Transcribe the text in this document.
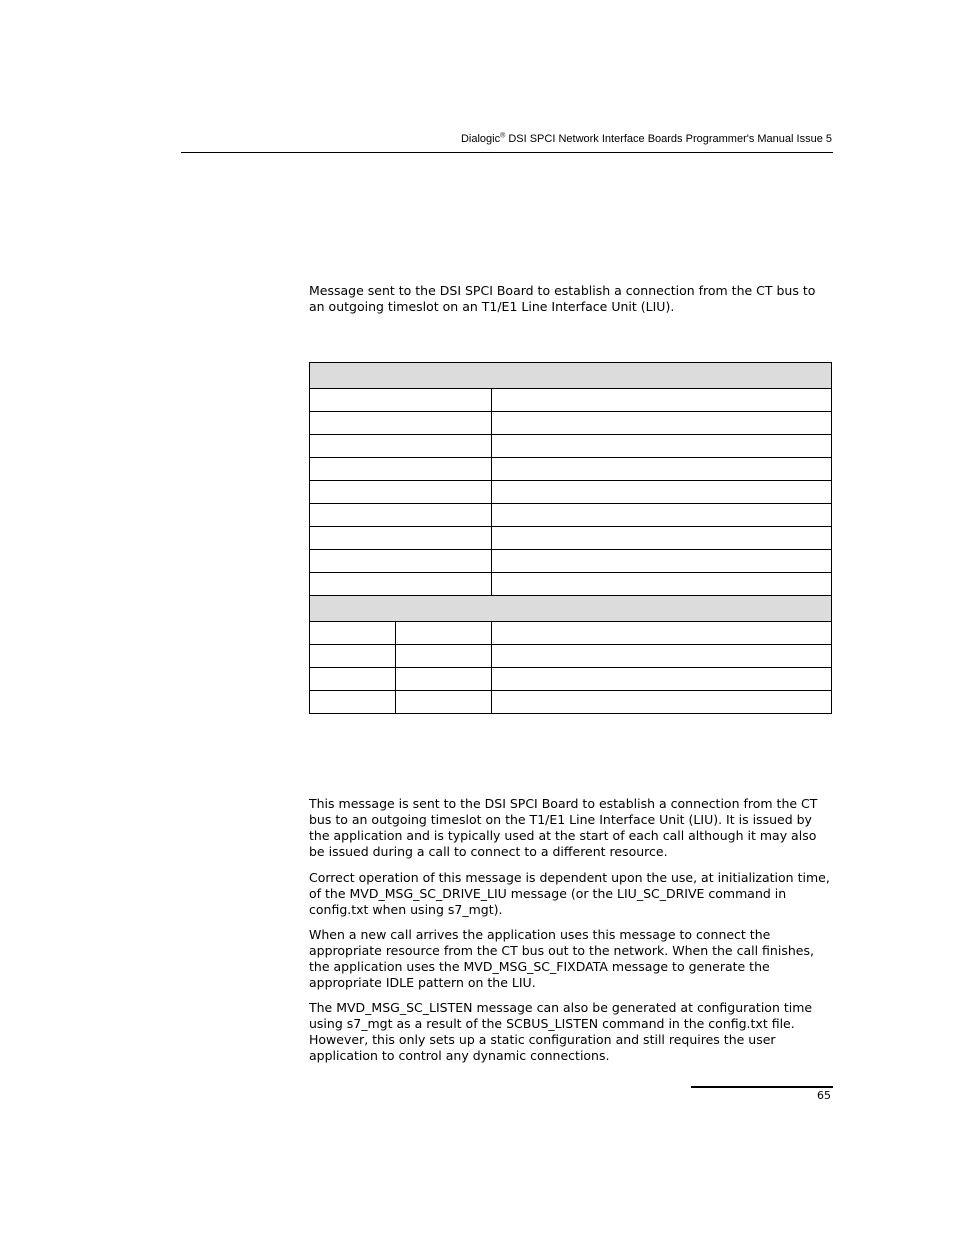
Dialogic® DSI SPCI Network Interface Boards Programmer's Manual Issue 5

Message sent to the DSI SPCI Board to establish a connection from the CT bus to an outgoing timeslot on an T1/E1 Line Interface Unit (LIU).

This message is sent to the DSI SPCI Board to establish a connection from the CT bus to an outgoing timeslot on the T1/E1 Line Interface Unit (LIU). It is issued by the application and is typically used at the start of each call although it may also be issued during a call to connect to a different resource.

Correct operation of this message is dependent upon the use, at initialization time, of the MVD_MSG_SC_DRIVE_LIU message (or the LIU_SC_DRIVE command in config.txt when using s7_mgt).

When a new call arrives the application uses this message to connect the appropriate resource from the CT bus out to the network. When the call finishes, the application uses the MVD_MSG_SC_FIXDATA message to generate the appropriate IDLE pattern on the LIU.

The MVD_MSG_SC_LISTEN message can also be generated at configuration time using s7_mgt as a result of the SCBUS_LISTEN command in the config.txt file. However, this only sets up a static configuration and still requires the user application to control any dynamic connections.

65
